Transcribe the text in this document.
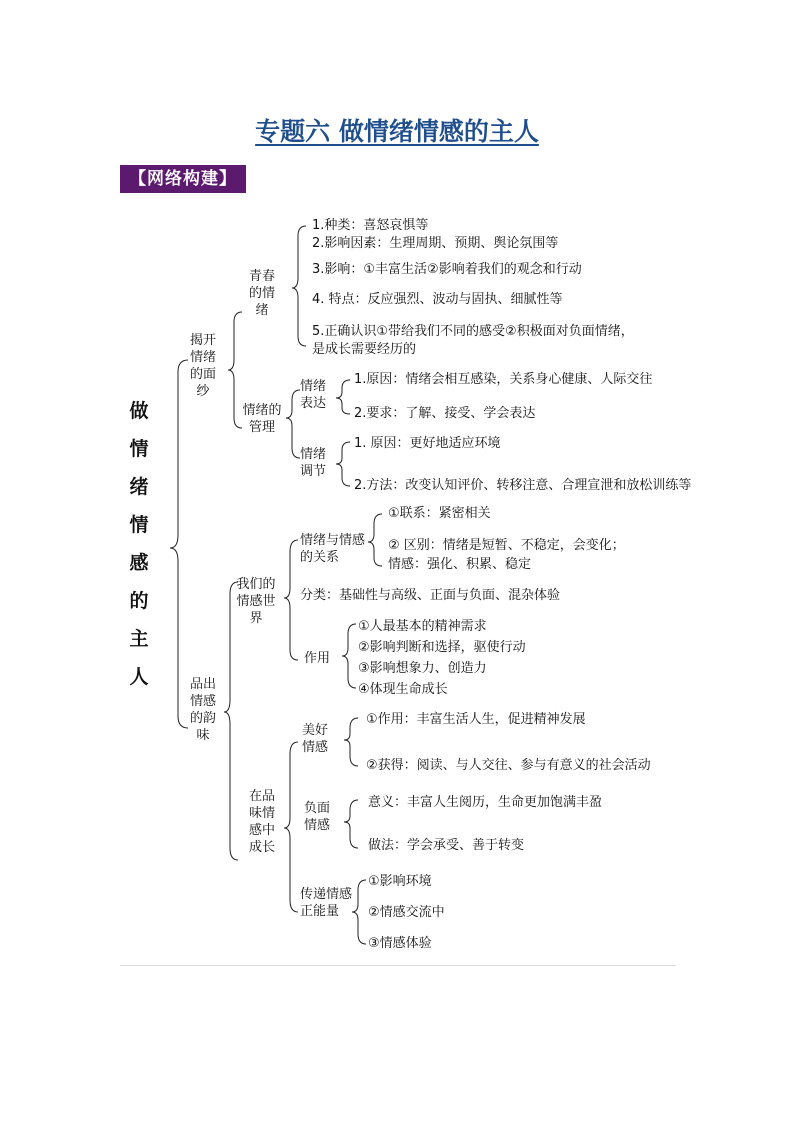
专题六 做情绪情感的主人
【网络构建】
做
情
绪
情
感
的
主
人
揭开
情绪
的面
纱
青春
的情
绪
1.种类：喜怒哀惧等
2.影响因素：生理周期、预期、舆论氛围等
3.影响：①丰富生活②影响着我们的观念和行动
4. 特点：反应强烈、波动与固执、细腻性等
5.正确认识①带给我们不同的感受②积极面对负面情绪，
是成长需要经历的
情绪的
管理
情绪
表达
1.原因：情绪会相互感染，关系身心健康、人际交往
2.要求：了解、接受、学会表达
情绪
调节
1. 原因：更好地适应环境
2.方法：改变认知评价、转移注意、合理宣泄和放松训练等
品出
情感
的韵
味
我们的
情感世
界
情绪与情感
的关系
①联系：紧密相关
② 区别：情绪是短暂、不稳定，会变化；
情感：强化、积累、稳定
分类：基础性与高级、正面与负面、混杂体验
作用
①人最基本的精神需求
②影响判断和选择，驱使行动
③影响想象力、创造力
④体现生命成长
在品
味情
感中
成长
美好
情感
①作用：丰富生活人生，促进精神发展
②获得：阅读、与人交往、参与有意义的社会活动
负面
情感
意义：丰富人生阅历，生命更加饱满丰盈
做法：学会承受、善于转变
传递情感
正能量
①影响环境
②情感交流中
③情感体验
